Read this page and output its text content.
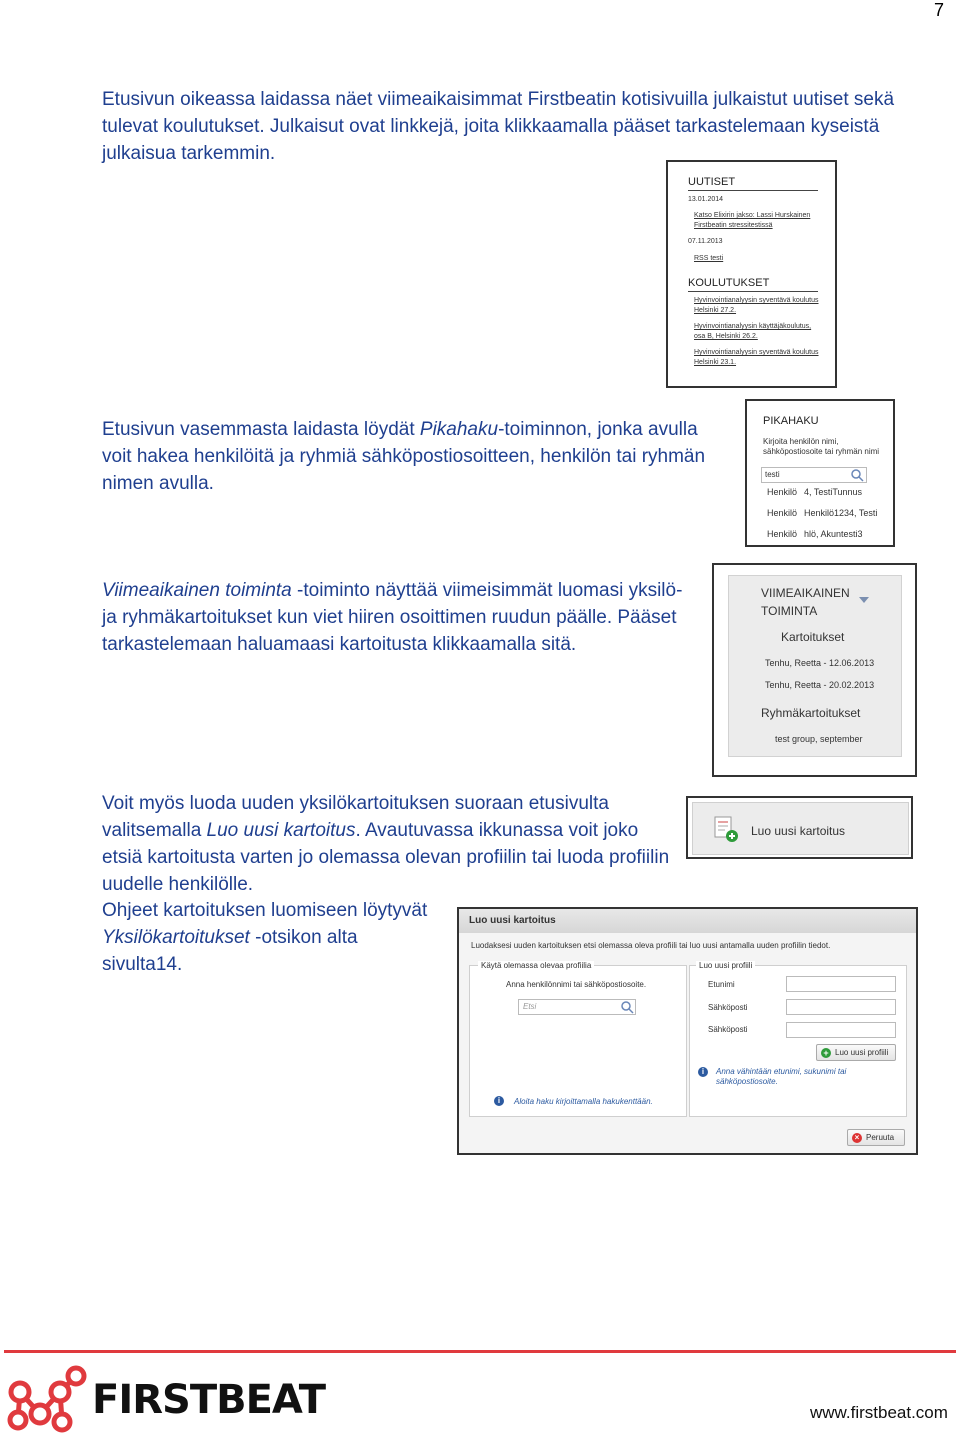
7
Etusivun oikeassa laidassa näet viimeaikaisimmat Firstbeatin kotisivuilla julkaistut uutiset sekä tulevat koulutukset. Julkaisut ovat linkkejä, joita klikkaamalla pääset tarkastelemaan kyseistä julkaisua tarkemmin.
UUTISET
13.01.2014
Katso Elixirin jakso: Lassi Hurskainen Firstbeatin stressitestissä
07.11.2013
RSS testi
KOULUTUKSET
Hyvinvointianalyysin syventävä koulutus Helsinki 27.2.
Hyvinvointianalyysin käyttäjäkoulutus, osa B, Helsinki 26.2.
Hyvinvointianalyysin syventävä koulutus Helsinki 23.1.
Etusivun vasemmasta laidasta löydät Pikahaku-toiminnon, jonka avulla voit hakea henkilöitä ja ryhmiä sähköpostiosoitteen, henkilön tai ryhmän nimen avulla.
PIKAHAKU
Kirjoita henkilön nimi, sähköpostiosoite tai ryhmän nimi
testi
Henkilö 4, TestiTunnus
Henkilö Henkilö1234, Testi
Henkilö hlö, Akuntesti3
Viimeaikainen toiminta -toiminto näyttää viimeisimmät luomasi yksilö- ja ryhmäkartoitukset kun viet hiiren osoittimen ruudun päälle. Pääset tarkastelemaan haluamaasi kartoitusta klikkaamalla sitä.
VIIMEAIKAINEN
TOIMINTA
Kartoitukset
Tenhu, Reetta - 12.06.2013
Tenhu, Reetta - 20.02.2013
Ryhmäkartoitukset
test group, september
Voit myös luoda uuden yksilökartoituksen suoraan etusivulta valitsemalla Luo uusi kartoitus. Avautuvassa ikkunassa voit joko etsiä kartoitusta varten jo olemassa olevan profiilin tai luoda profiilin uudelle henkilölle.
Ohjeet kartoituksen luomiseen löytyvät Yksilökartoitukset -otsikon alta sivulta14.
Luo uusi kartoitus
Luo uusi kartoitus
Luodaksesi uuden kartoituksen etsi olemassa oleva profiili tai luo uusi antamalla uuden profiilin tiedot.
Käytä olemassa olevaa profiilia
Anna henkilönnimi tai sähköpostiosoite.
Etsi
i	Aloita haku kirjoittamalla hakukenttään.
Luo uusi profiili
Etunimi
Sähköposti
Sähköposti
+ Luo uusi profiili
i	Anna vähintään etunimi, sukunimi tai sähköpostiosoite.
× Peruuta
FIRSTBEAT	www.firstbeat.com
